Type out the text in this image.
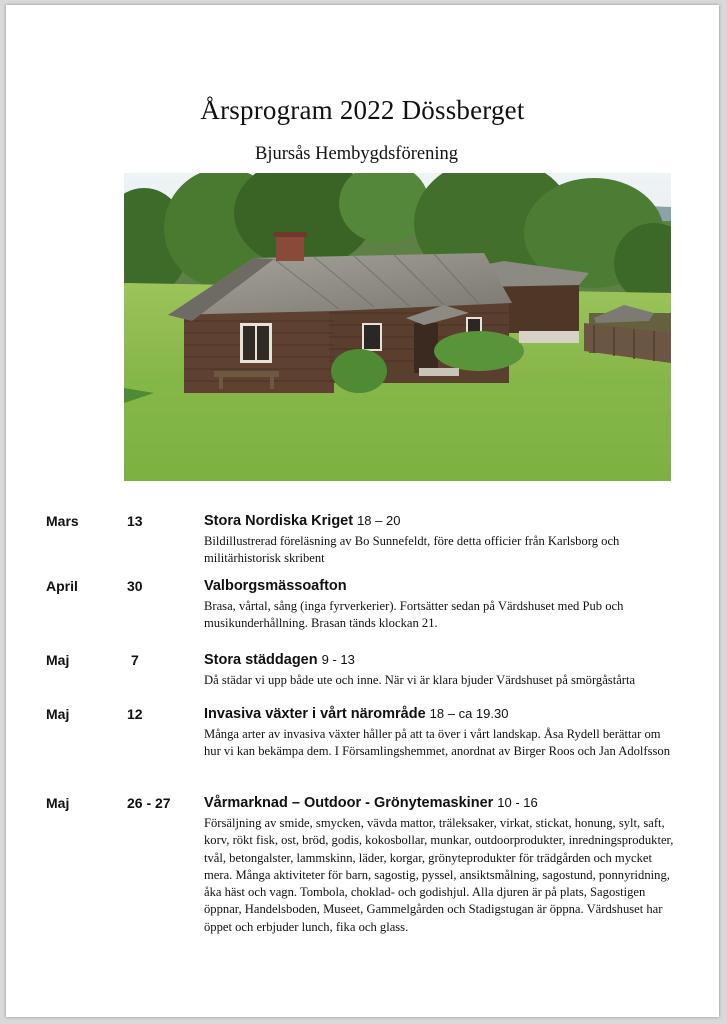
Årsprogram 2022 Dössberget

Bjursås Hembygdsförening

Mars	13	Stora Nordiska Kriget 18 – 20

Bildillustrerad föreläsning av Bo Sunnefeldt, före detta officier från Karlsborg och militärhistorisk skribent

April	30	Valborgsmässoafton

Brasa, vårtal, sång (inga fyrverkerier). Fortsätter sedan på Värdshuset med Pub och musikunderhållning. Brasan tänds klockan 21.

Maj	7	Stora städdagen 9 - 13

Då städar vi upp både ute och inne. När vi är klara bjuder Värdshuset på smörgåstårta

Maj	12	Invasiva växter i vårt närområde 18 – ca 19.30

Många arter av invasiva växter håller på att ta över i vårt landskap. Åsa Rydell berättar om hur vi kan bekämpa dem. I Församlingshemmet, anordnat av Birger Roos och Jan Adolfsson

Maj	26 - 27 Vårmarknad – Outdoor - Grönytemaskiner 10 - 16

Försäljning av smide, smycken, vävda mattor, träleksaker, virkat, stickat, honung, sylt, saft, korv, rökt fisk, ost, bröd, godis, kokosbollar, munkar, outdoorprodukter, inredningsprodukter, tvål, betongalster, lammskinn, läder, korgar, grönyteprodukter för trädgården och mycket mera. Många aktiviteter för barn, sagostig, pyssel, ansiktsmålning, sagostund, ponnyridning, åka häst och vagn. Tombola, choklad- och godishjul. Alla djuren är på plats, Sagostigen öppnar, Handelsboden, Museet, Gammelgården och Stadigstugan är öppna. Värdshuset har öppet och erbjuder lunch, fika och glass.
